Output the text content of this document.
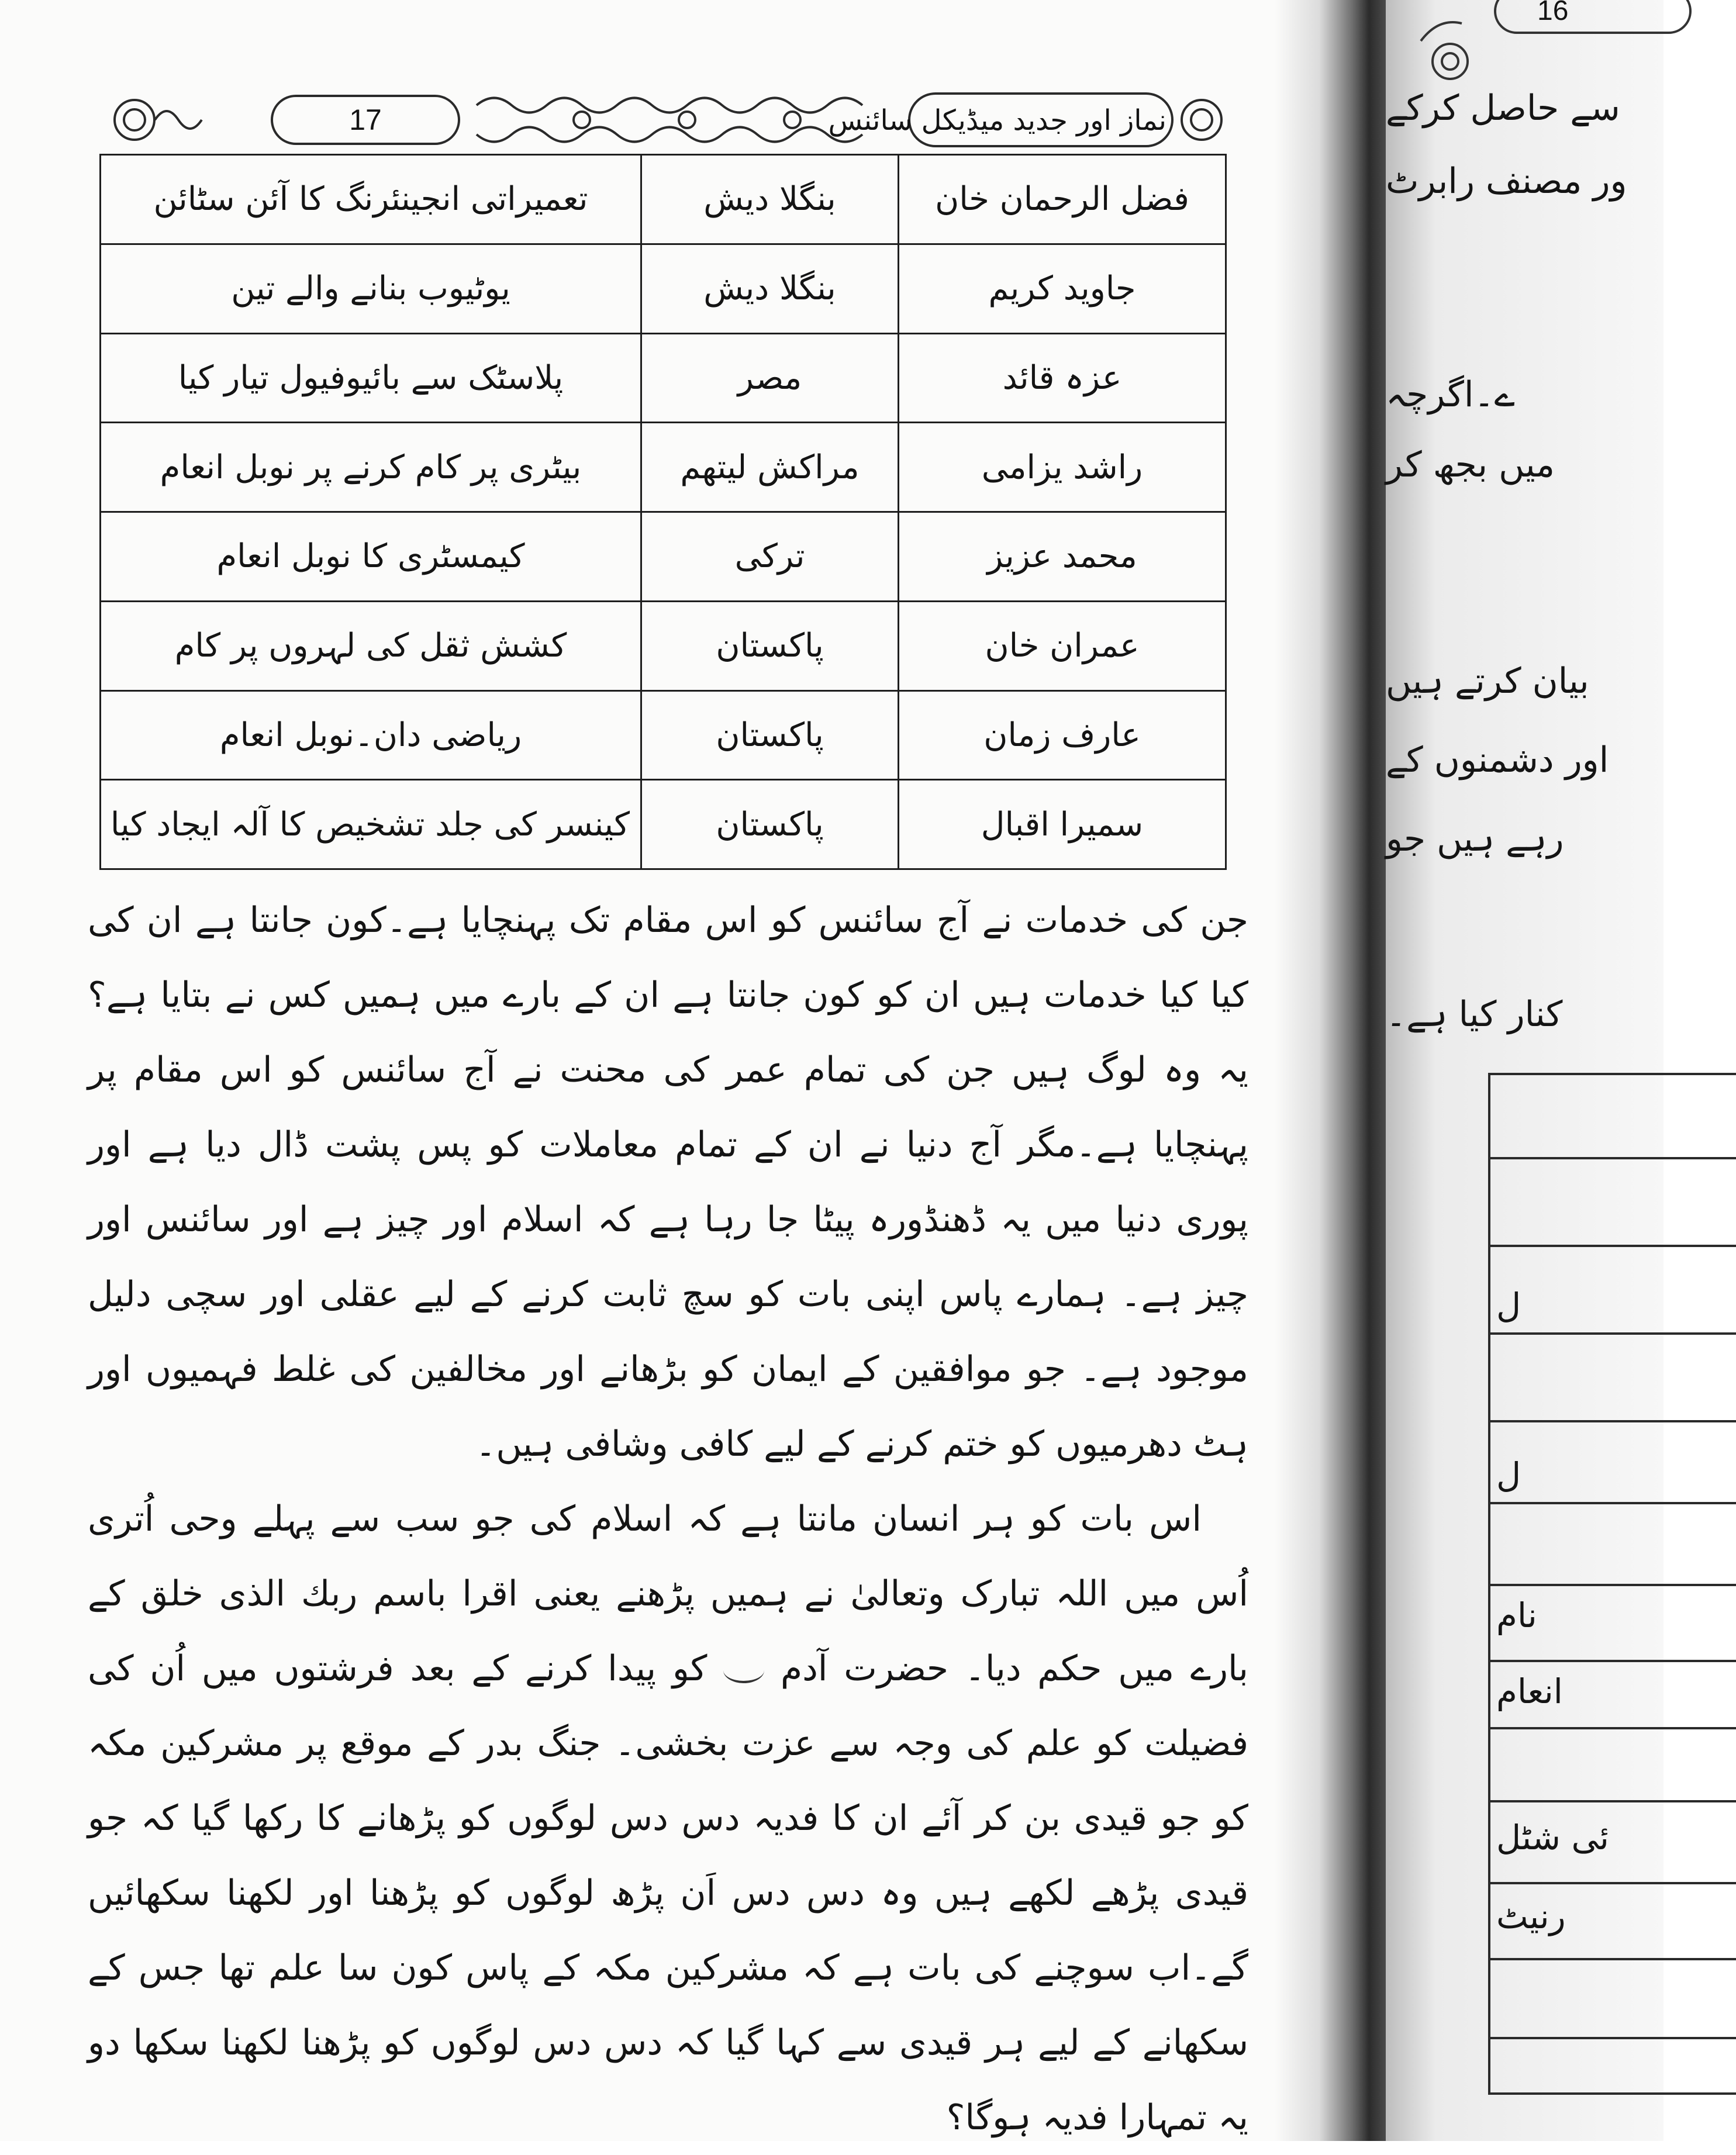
17	نماز اور جدید میڈیکل سائنس
فضل الرحمان خان	بنگلا دیش	تعمیراتی انجینئرنگ کا آئن سٹائن
جاوید کریم	بنگلا دیش	یوٹیوب بنانے والے تین
عزہ قائد	مصر	پلاسٹک سے بائیوفیول تیار کیا
راشد یزامی	مراکش لیتھم	بیٹری پر کام کرنے پر نوبل انعام
محمد عزیز	ترکی	کیمسٹری کا نوبل انعام
عمران خان	پاکستان	کشش ثقل کی لہروں پر کام
عارف زمان	پاکستان	ریاضی دان۔نوبل انعام
سمیرا اقبال	پاکستان	کینسر کی جلد تشخیص کا آلہ ایجاد کیا

جن کی خدمات نے آج سائنس کو اس مقام تک پہنچایا ہے۔کون جانتا ہے ان کی کیا کیا خدمات ہیں ان کو کون جانتا ہے ان کے بارے میں ہمیں کس نے بتایا ہے؟ یہ وہ لوگ ہیں جن کی تمام عمر کی محنت نے آج سائنس کو اس مقام پر پہنچایا ہے۔مگر آج دنیا نے ان کے تمام معاملات کو پس پشت ڈال دیا ہے اور پوری دنیا میں یہ ڈھنڈورہ پیٹا جا رہا ہے کہ اسلام اور چیز ہے اور سائنس اور چیز ہے۔ ہمارے پاس اپنی بات کو سچ ثابت کرنے کے لیے عقلی اور سچی دلیل موجود ہے۔ جو موافقین کے ایمان کو بڑھانے اور مخالفین کی غلط فہمیوں اور ہٹ دھرمیوں کو ختم کرنے کے لیے کافی وشافی ہیں۔

اس بات کو ہر انسان مانتا ہے کہ اسلام کی جو سب سے پہلے وحی اُتری اُس میں اللہ تبارک وتعالیٰ نے ہمیں پڑھنے یعنی اقرا باسم ربك الذی خلق کے بارے میں حکم دیا۔ حضرت آدم  کو پیدا کرنے کے بعد فرشتوں میں اُن کی فضیلت کو علم کی وجہ سے عزت بخشی۔ جنگ بدر کے موقع پر مشرکین مکہ کو جو قیدی بن کر آئے ان کا فدیہ دس دس لوگوں کو پڑھانے کا رکھا گیا کہ جو قیدی پڑھے لکھے ہیں وہ دس دس اَن پڑھ لوگوں کو پڑھنا اور لکھنا سکھائیں گے۔اب سوچنے کی بات ہے کہ مشرکین مکہ کے پاس کون سا علم تھا جس کے سکھانے کے لیے ہر قیدی سے کہا گیا کہ دس دس لوگوں کو پڑھنا لکھنا سکھا دو یہ تمہارا فدیہ ہوگا؟

16
سے حاصل کرکے
ور مصنف رابرٹ
ے۔اگرچہ
میں بجھ کر
بیان کرتے ہیں
اور دشمنوں کے
رہے ہیں جو
کنار کیا ہے۔
ل
ل
نام
انعام
ئی شٹل
رنیٹ
